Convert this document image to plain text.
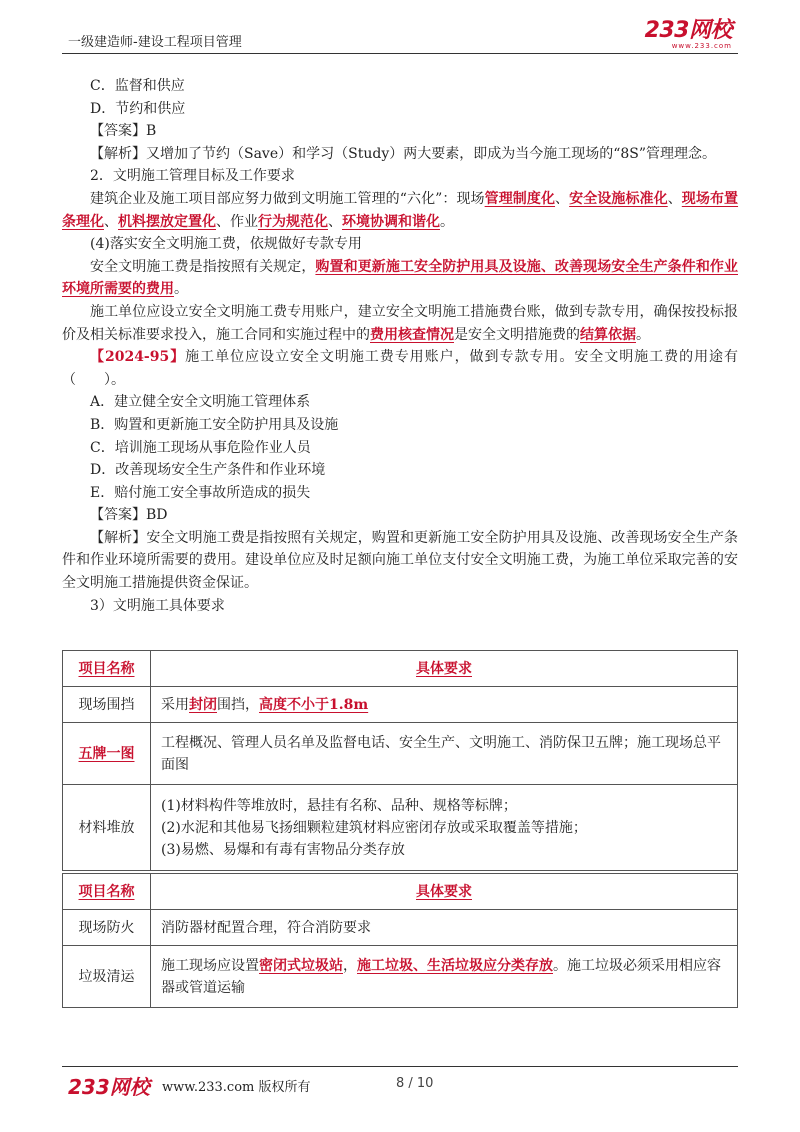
一级建造师-建设工程项目管理	233网校
www.233.com

C．监督和供应

D．节约和供应

【答案】B

【解析】又增加了节约（Save）和学习（Study）两大要素，即成为当今施工现场的“8S”管理理念。

2．文明施工管理目标及工作要求

建筑企业及施工项目部应努力做到文明施工管理的“六化”：现场管理制度化、安全设施标准化、现场布置条理化、机料摆放定置化、作业行为规范化、环境协调和谐化。

(4)落实安全文明施工费，依规做好专款专用

安全文明施工费是指按照有关规定，购置和更新施工安全防护用具及设施、改善现场安全生产条件和作业环境所需要的费用。

施工单位应设立安全文明施工费专用账户，建立安全文明施工措施费台账，做到专款专用，确保按投标报价及相关标准要求投入，施工合同和实施过程中的费用核查情况是安全文明措施费的结算依据。

【2024-95】施工单位应设立安全文明施工费专用账户，做到专款专用。安全文明施工费的用途有（　　）。

A．建立健全安全文明施工管理体系

B．购置和更新施工安全防护用具及设施

C．培训施工现场从事危险作业人员

D．改善现场安全生产条件和作业环境

E．赔付施工安全事故所造成的损失

【答案】BD

【解析】安全文明施工费是指按照有关规定，购置和更新施工安全防护用具及设施、改善现场安全生产条件和作业环境所需要的费用。建设单位应及时足额向施工单位支付安全文明施工费，为施工单位采取完善的安全文明施工措施提供资金保证。

3）文明施工具体要求

项目名称	具体要求
现场围挡	采用封闭围挡，高度不小于1.8m
五牌一图	工程概况、管理人员名单及监督电话、安全生产、文明施工、消防保卫五牌；施工现场总平面图
材料堆放	(1)材料构件等堆放时，悬挂有名称、品种、规格等标牌；
(2)水泥和其他易飞扬细颗粒建筑材料应密闭存放或采取覆盖等措施；
(3)易燃、易爆和有毒有害物品分类存放
项目名称	具体要求
现场防火	消防器材配置合理，符合消防要求
垃圾清运	施工现场应设置密闭式垃圾站，施工垃圾、生活垃圾应分类存放。施工垃圾必须采用相应容器或管道运输
233网校 www.233.com 版权所有	8 / 10
